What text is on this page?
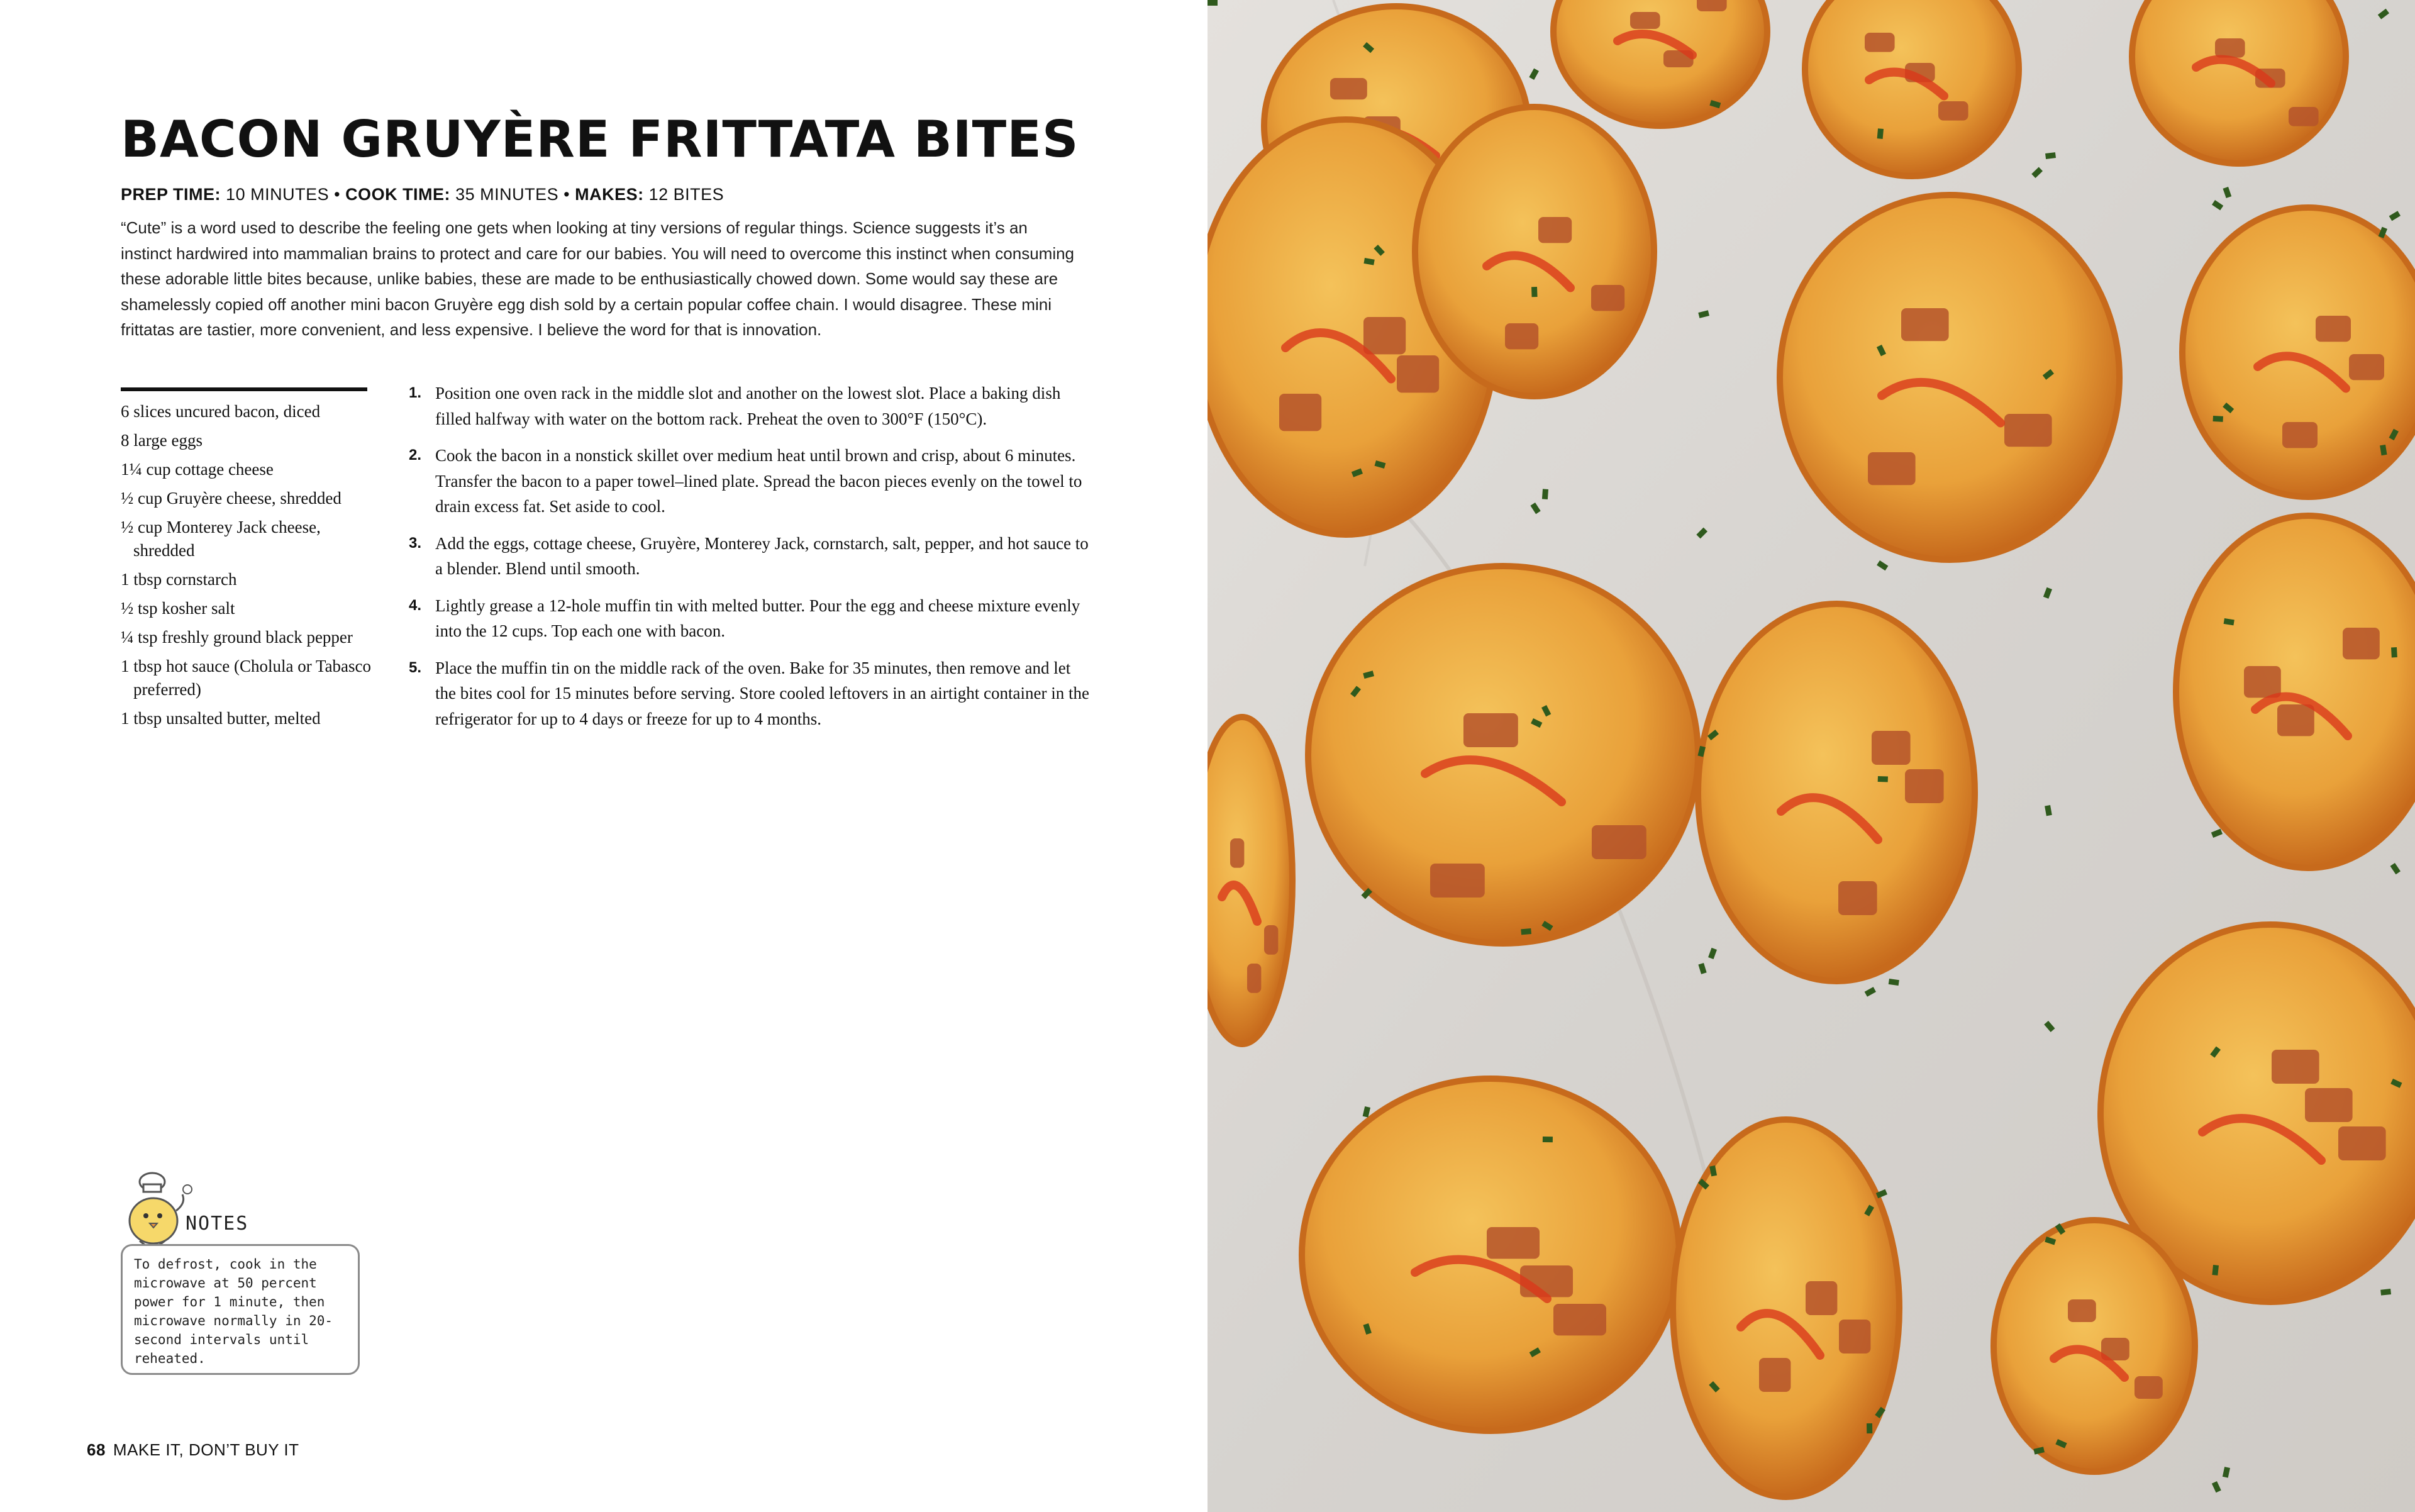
BACON GRUYÈRE FRITTATA BITES
PREP TIME: 10 MINUTES • COOK TIME: 35 MINUTES • MAKES: 12 BITES

“Cute” is a word used to describe the feeling one gets when looking at tiny versions of regular things. Science suggests it’s an instinct hardwired into mammalian brains to protect and care for our babies. You will need to overcome this instinct when consuming these adorable little bites because, unlike babies, these are made to be enthusiastically chowed down. Some would say these are shamelessly copied off another mini bacon Gruyère egg dish sold by a certain popular coffee chain. I would disagree. These mini frittatas are tastier, more convenient, and less expensive. I believe the word for that is innovation.

6 slices uncured bacon, diced
8 large eggs
1¼ cup cottage cheese
½ cup Gruyère cheese, shredded
½ cup Monterey Jack cheese, shredded
1 tbsp cornstarch
½ tsp kosher salt
¼ tsp freshly ground black pepper
1 tbsp hot sauce (Cholula or Tabasco preferred)
1 tbsp unsalted butter, melted
1. Position one oven rack in the middle slot and another on the lowest slot. Place a baking dish filled halfway with water on the bottom rack. Preheat the oven to 300°F (150°C).
2. Cook the bacon in a nonstick skillet over medium heat until brown and crisp, about 6 minutes. Transfer the bacon to a paper towel–lined plate. Spread the bacon pieces evenly on the towel to drain excess fat. Set aside to cool.
3. Add the eggs, cottage cheese, Gruyère, Monterey Jack, cornstarch, salt, pepper, and hot sauce to a blender. Blend until smooth.
4. Lightly grease a 12-hole muffin tin with melted butter. Pour the egg and cheese mixture evenly into the 12 cups. Top each one with bacon.
5. Place the muffin tin on the middle rack of the oven. Bake for 35 minutes, then remove and let the bites cool for 15 minutes before serving. Store cooled leftovers in an airtight container in the refrigerator for up to 4 days or freeze for up to 4 months.
NOTES
To defrost, cook in the microwave at 50 percent power for 1 minute, then microwave normally in 20-second intervals until reheated.
68 MAKE IT, DON’T BUY IT
